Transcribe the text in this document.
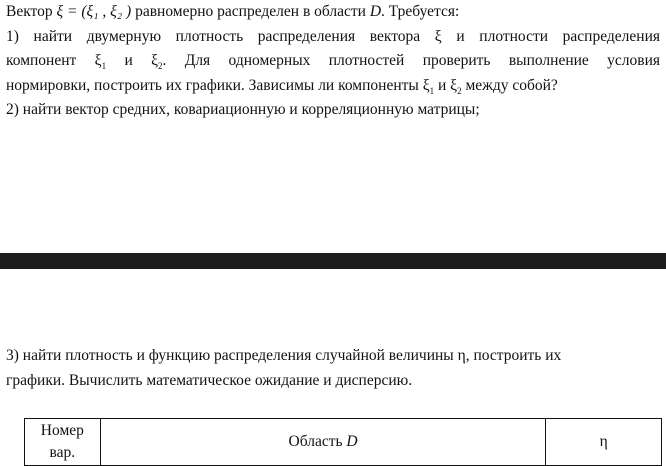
Вектор ξ = (ξ₁ , ξ₂ ) равномерно распределен в области D. Требуется:
1) найти двумерную плотность распределения вектора ξ и плотности распределения
компонент $\xi_1$ и $\xi_2$. Для одномерных плотностей проверить выполнение условия
нормировки, построить их графики. Зависимы ли компоненты $\xi_1$ и $\xi_2$ между собой?
2) найти вектор средних, ковариационную и корреляционную матрицы;
3) найти плотность и функцию распределения случайной величины η, построить их
графики. Вычислить математическое ожидание и дисперсию.
Номер
вар.	Область D	η
